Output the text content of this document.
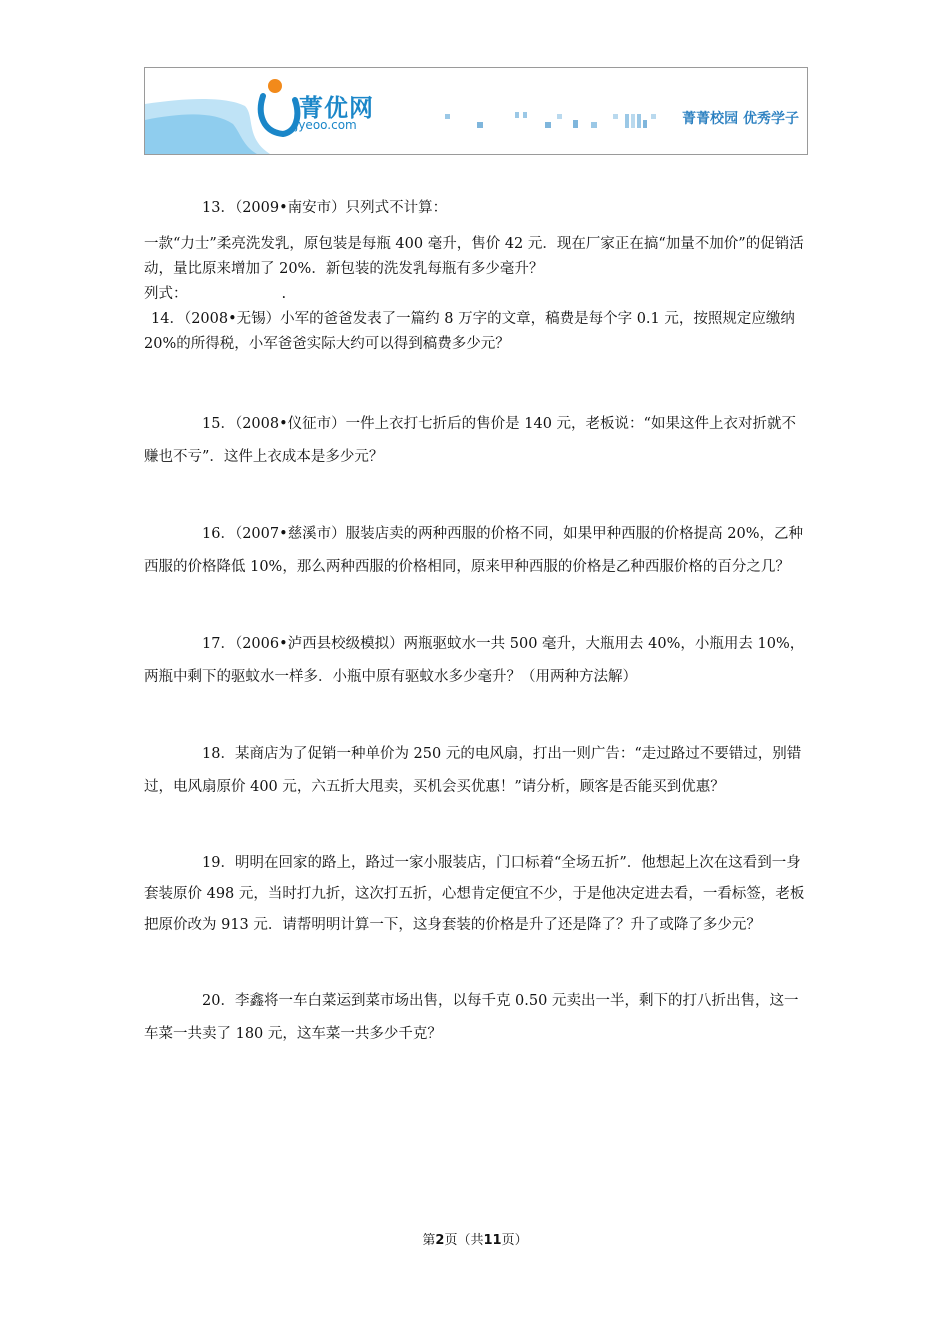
菁优网
jyeoo.com	菁菁校园 优秀学子

13．（2009•南安市）只列式不计算：

一款“力士”柔亮洗发乳，原包装是每瓶 400 毫升，售价 42 元．现在厂家正在搞“加量不加价”的促销活动，量比原来增加了 20%．新包装的洗发乳每瓶有多少毫升？

列式：	.

14．（2008•无锡）小军的爸爸发表了一篇约 8 万字的文章，稿费是每个字 0.1 元，按照规定应缴纳 20%的所得税，小军爸爸实际大约可以得到稿费多少元？

15．（2008•仪征市）一件上衣打七折后的售价是 140 元，老板说：“如果这件上衣对折就不赚也不亏”．这件上衣成本是多少元？

16．（2007•慈溪市）服装店卖的两种西服的价格不同，如果甲种西服的价格提高 20%，乙种西服的价格降低 10%，那么两种西服的价格相同，原来甲种西服的价格是乙种西服价格的百分之几？

17．（2006•泸西县校级模拟）两瓶驱蚊水一共 500 毫升，大瓶用去 40%，小瓶用去 10%，两瓶中剩下的驱蚊水一样多．小瓶中原有驱蚊水多少毫升？（用两种方法解）

18．某商店为了促销一种单价为 250 元的电风扇，打出一则广告：“走过路过不要错过，别错过，电风扇原价 400 元，六五折大甩卖，买机会买优惠！”请分析，顾客是否能买到优惠？

19．明明在回家的路上，路过一家小服装店，门口标着“全场五折”．他想起上次在这看到一身套装原价 498 元，当时打九折，这次打五折，心想肯定便宜不少，于是他决定进去看，一看标签，老板把原价改为 913 元．请帮明明计算一下，这身套装的价格是升了还是降了？升了或降了多少元？

20．李鑫将一车白菜运到菜市场出售，以每千克 0.50 元卖出一半，剩下的打八折出售，这一车菜一共卖了 180 元，这车菜一共多少千克？

第2页（共11页）
